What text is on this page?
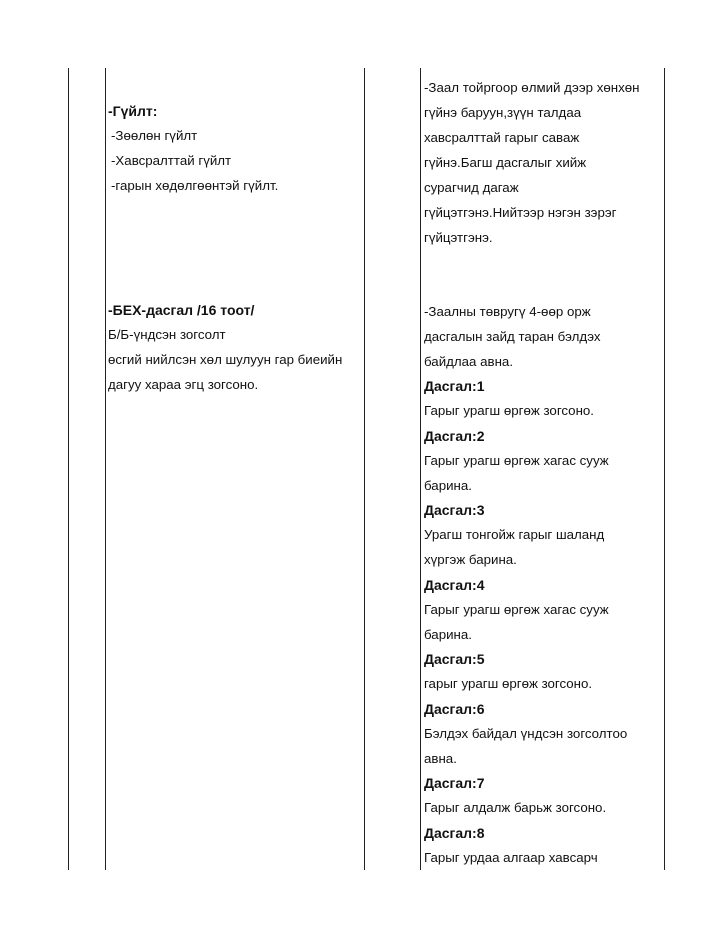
-Гүйлт:
-Зөөлөн гүйлт
-Хавсралттай гүйлт
-гарын хөдөлгөөнтэй гүйлт.
-БЕХ-дасгал /16 тоот/
Б/Б-үндсэн зогсолт
өсгий нийлсэн хөл шулуун гар биеийн
дагуу хараа эгц зогсоно.
-Заал тойргоор өлмий дээр хөнхөн
гүйнэ баруун,зүүн талдаа
хавсралттай гарыг саваж
гүйнэ.Багш дасгалыг хийж
сурагчид дагаж
гүйцэтгэнэ.Нийтээр нэгэн зэрэг
гүйцэтгэнэ.
-Заалны төвругү 4-өөр орж
дасгалын зайд таран бэлдэх
байдлаа авна.
Дасгал:1
Гарыг урагш өргөж зогсоно.
Дасгал:2
Гарыг урагш өргөж хагас сууж
барина.
Дасгал:3
Урагш тонгойж гарыг шаланд
хүргэж барина.
Дасгал:4
Гарыг урагш өргөж хагас сууж
барина.
Дасгал:5
гарыг урагш өргөж зогсоно.
Дасгал:6
Бэлдэх байдал үндсэн зогсолтоо
авна.
Дасгал:7
Гарыг алдалж барьж зогсоно.
Дасгал:8
Гарыг урдаа алгаар хавсарч
